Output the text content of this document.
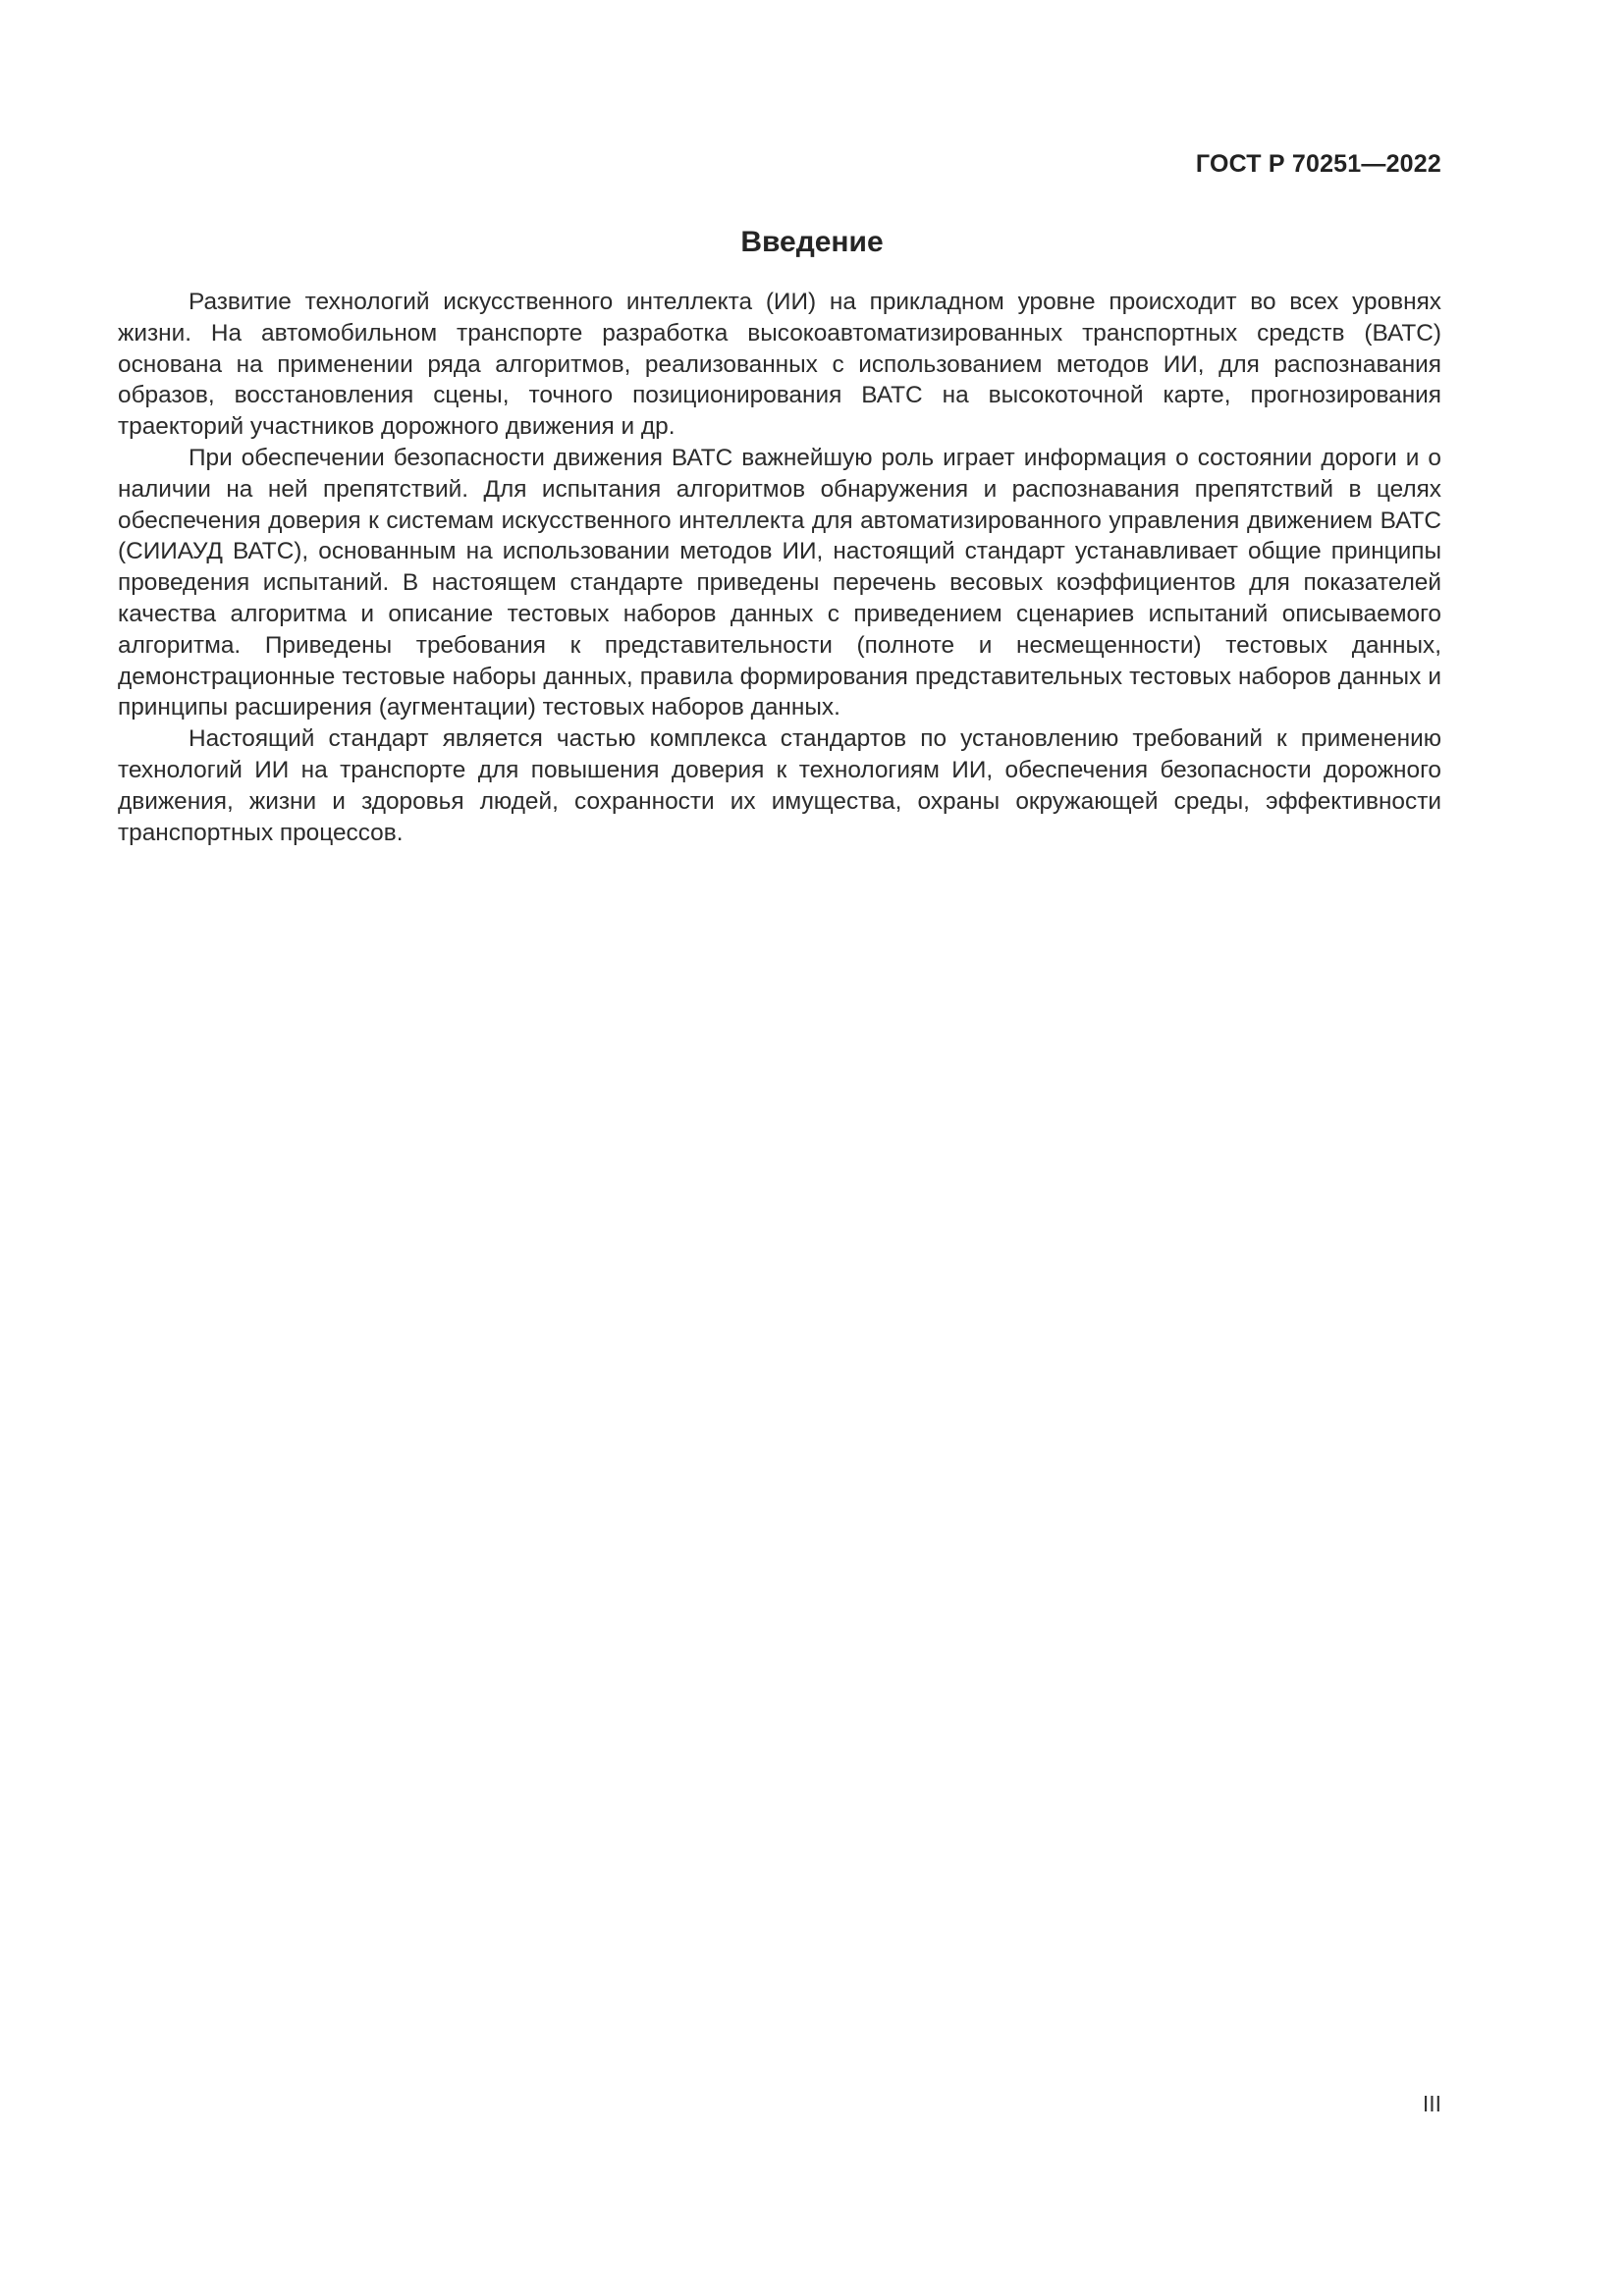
ГОСТ Р 70251—2022
Введение

Развитие технологий искусственного интеллекта (ИИ) на прикладном уровне происходит во всех уровнях жизни. На автомобильном транспорте разработка высокоавтоматизированных транспортных средств (ВАТС) основана на применении ряда алгоритмов, реализованных с использованием методов ИИ, для распознавания образов, восстановления сцены, точного позиционирования ВАТС на высокоточной карте, прогнозирования траекторий участников дорожного движения и др.

При обеспечении безопасности движения ВАТС важнейшую роль играет информация о состоянии дороги и о наличии на ней препятствий. Для испытания алгоритмов обнаружения и распознавания препятствий в целях обеспечения доверия к системам искусственного интеллекта для автоматизированного управления движением ВАТС (СИИАУД ВАТС), основанным на использовании методов ИИ, настоящий стандарт устанавливает общие принципы проведения испытаний. В настоящем стандарте приведены перечень весовых коэффициентов для показателей качества алгоритма и описание тестовых наборов данных с приведением сценариев испытаний описываемого алгоритма. Приведены требования к представительности (полноте и несмещенности) тестовых данных, демонстрационные тестовые наборы данных, правила формирования представительных тестовых наборов данных и принципы расширения (аугментации) тестовых наборов данных.

Настоящий стандарт является частью комплекса стандартов по установлению требований к применению технологий ИИ на транспорте для повышения доверия к технологиям ИИ, обеспечения безопасности дорожного движения, жизни и здоровья людей, сохранности их имущества, охраны окружающей среды, эффективности транспортных процессов.

III
